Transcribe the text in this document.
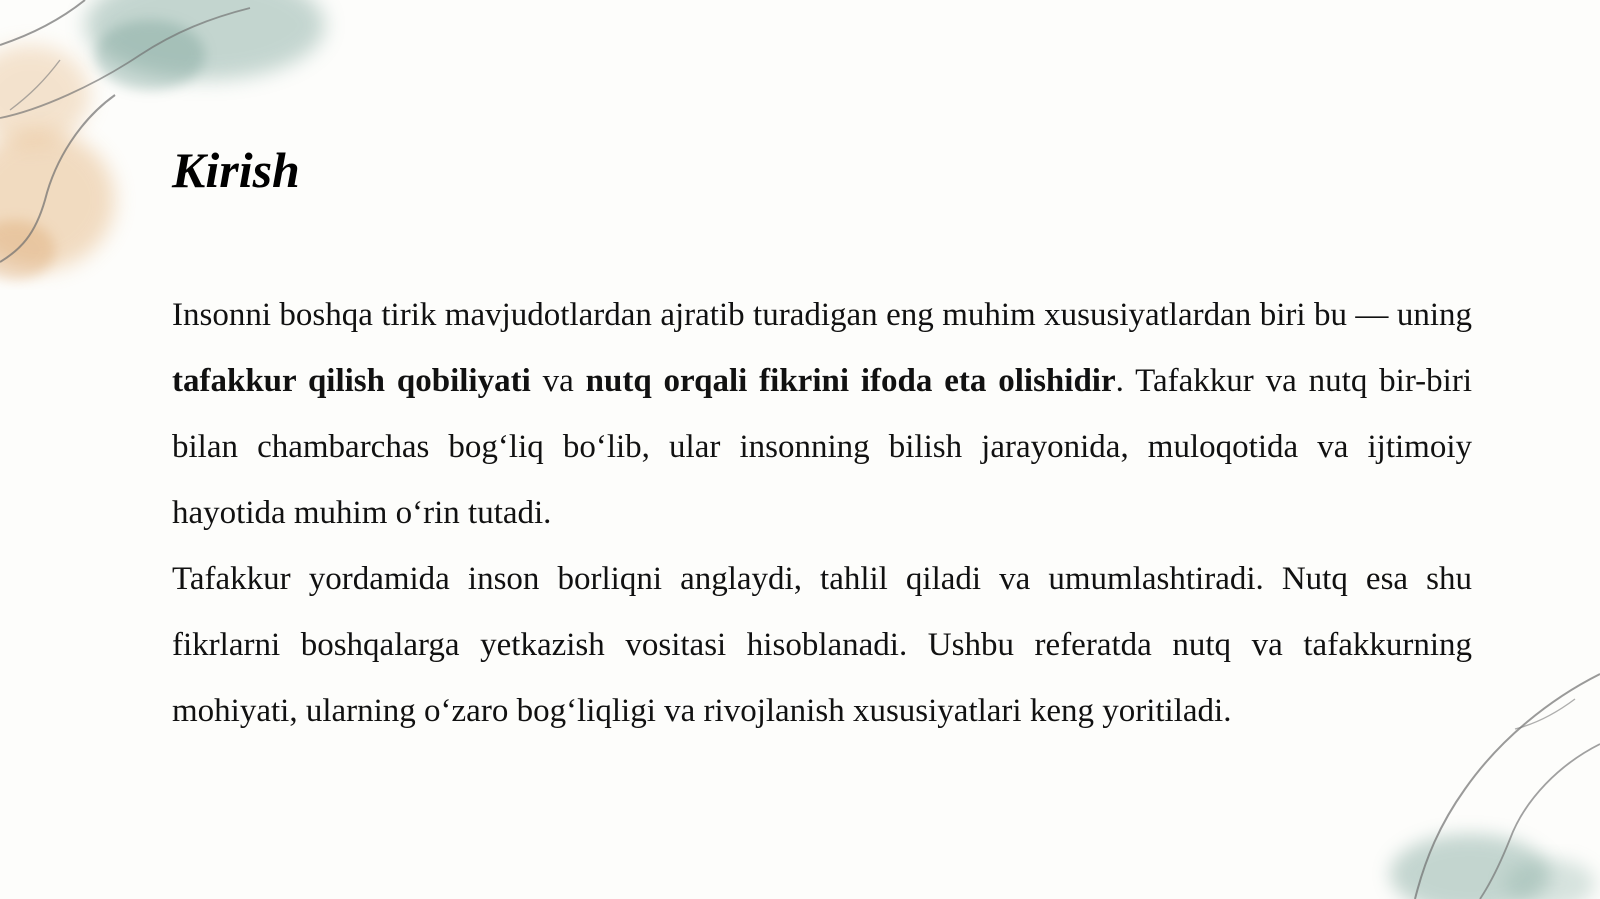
Kirish

Insonni boshqa tirik mavjudotlardan ajratib turadigan eng muhim xususiyatlardan biri bu — uning tafakkur qilish qobiliyati va nutq orqali fikrini ifoda eta olishidir. Tafakkur va nutq bir-biri bilan chambarchas bog‘liq bo‘lib, ular insonning bilish jarayonida, muloqotida va ijtimoiy hayotida muhim o‘rin tutadi.

Tafakkur yordamida inson borliqni anglaydi, tahlil qiladi va umumlashtiradi. Nutq esa shu fikrlarni boshqalarga yetkazish vositasi hisoblanadi. Ushbu referatda nutq va tafakkurning mohiyati, ularning o‘zaro bog‘liqligi va rivojlanish xususiyatlari keng yoritiladi.
